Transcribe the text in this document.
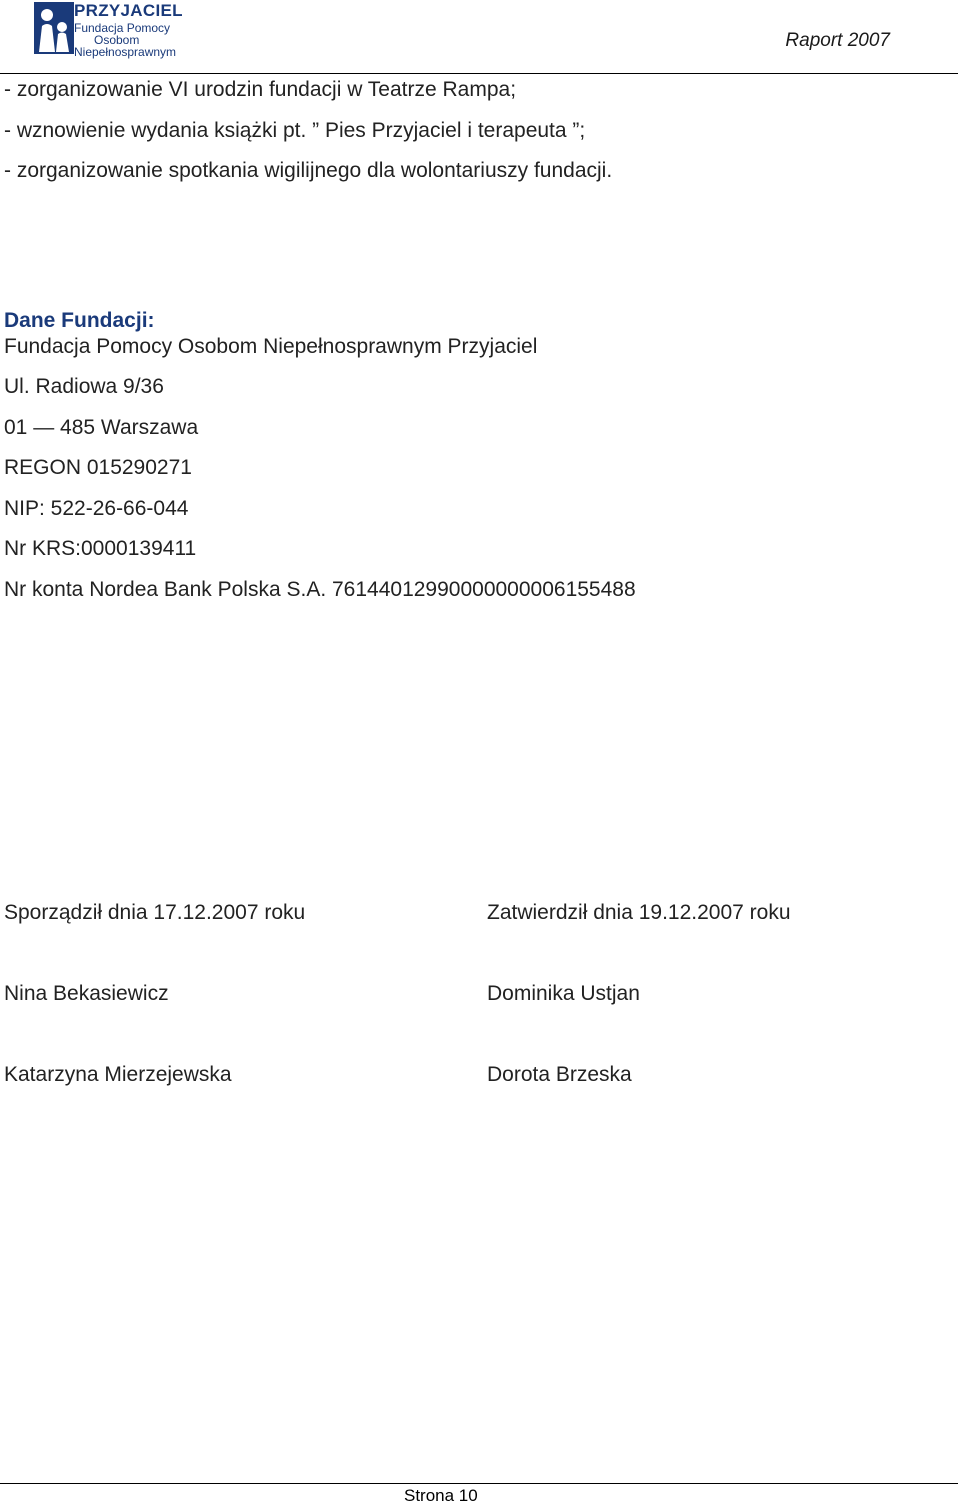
PRZYJACIEL
Fundacja Pomocy
Osobom
Niepełnosprawnym
Raport 2007
- zorganizowanie VI urodzin fundacji w Teatrze Rampa;
- wznowienie wydania książki pt. ” Pies Przyjaciel i terapeuta ”;
- zorganizowanie spotkania wigilijnego dla wolontariuszy fundacji.
Dane Fundacji:
Fundacja Pomocy Osobom Niepełnosprawnym Przyjaciel
Ul. Radiowa 9/36
01 — 485 Warszawa
REGON 015290271
NIP: 522-26-66-044
Nr KRS:0000139411
Nr konta Nordea Bank Polska S.A. 76144012990000000006155488
Sporządził dnia 17.12.2007 roku	Zatwierdził dnia 19.12.2007 roku
Nina Bekasiewicz	Dominika Ustjan
Katarzyna Mierzejewska	Dorota Brzeska
Strona 10
